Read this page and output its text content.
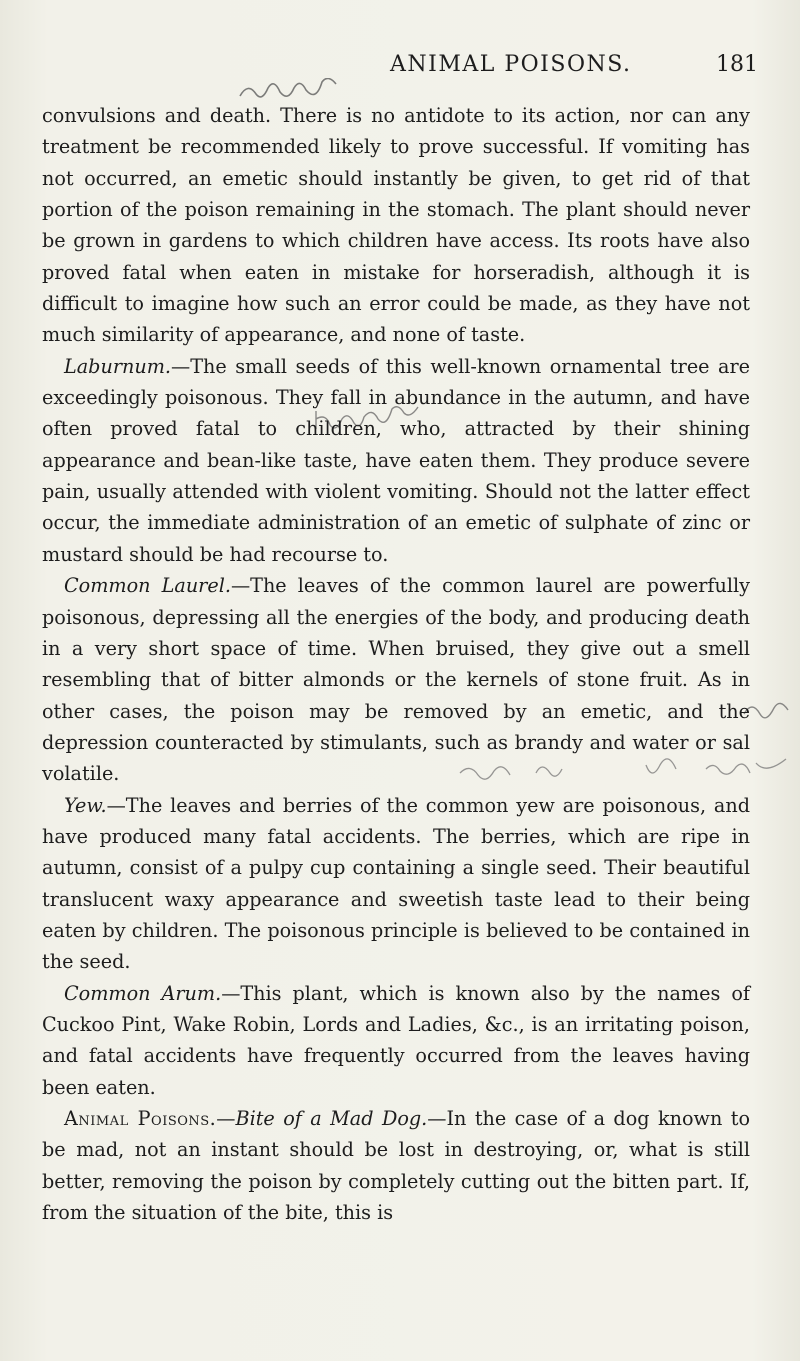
ANIMAL POISONS.	181

convulsions and death. There is no antidote to its action, nor can any treatment be recommended likely to prove successful. If vomiting has not occurred, an emetic should instantly be given, to get rid of that portion of the poison remaining in the stomach. The plant should never be grown in gardens to which children have access. Its roots have also proved fatal when eaten in mistake for horseradish, although it is difficult to imagine how such an error could be made, as they have not much similarity of appearance, and none of taste.

Laburnum.—The small seeds of this well-known ornamental tree are exceedingly poisonous. They fall in abundance in the autumn, and have often proved fatal to children, who, attracted by their shining appearance and bean-like taste, have eaten them. They produce severe pain, usually attended with violent vomiting. Should not the latter effect occur, the immediate administration of an emetic of sulphate of zinc or mustard should be had recourse to.

Common Laurel.—The leaves of the common laurel are powerfully poisonous, depressing all the energies of the body, and producing death in a very short space of time. When bruised, they give out a smell resembling that of bitter almonds or the kernels of stone fruit. As in other cases, the poison may be removed by an emetic, and the depression counteracted by stimulants, such as brandy and water or sal volatile.

Yew.—The leaves and berries of the common yew are poisonous, and have produced many fatal accidents. The berries, which are ripe in autumn, consist of a pulpy cup containing a single seed. Their beautiful translucent waxy appearance and sweetish taste lead to their being eaten by children. The poisonous principle is believed to be contained in the seed.

Common Arum.—This plant, which is known also by the names of Cuckoo Pint, Wake Robin, Lords and Ladies, &c., is an irritating poison, and fatal accidents have frequently occurred from the leaves having been eaten.

Animal Poisons.—Bite of a Mad Dog.—In the case of a dog known to be mad, not an instant should be lost in destroying, or, what is still better, removing the poison by completely cutting out the bitten part. If, from the situation of the bite, this is
